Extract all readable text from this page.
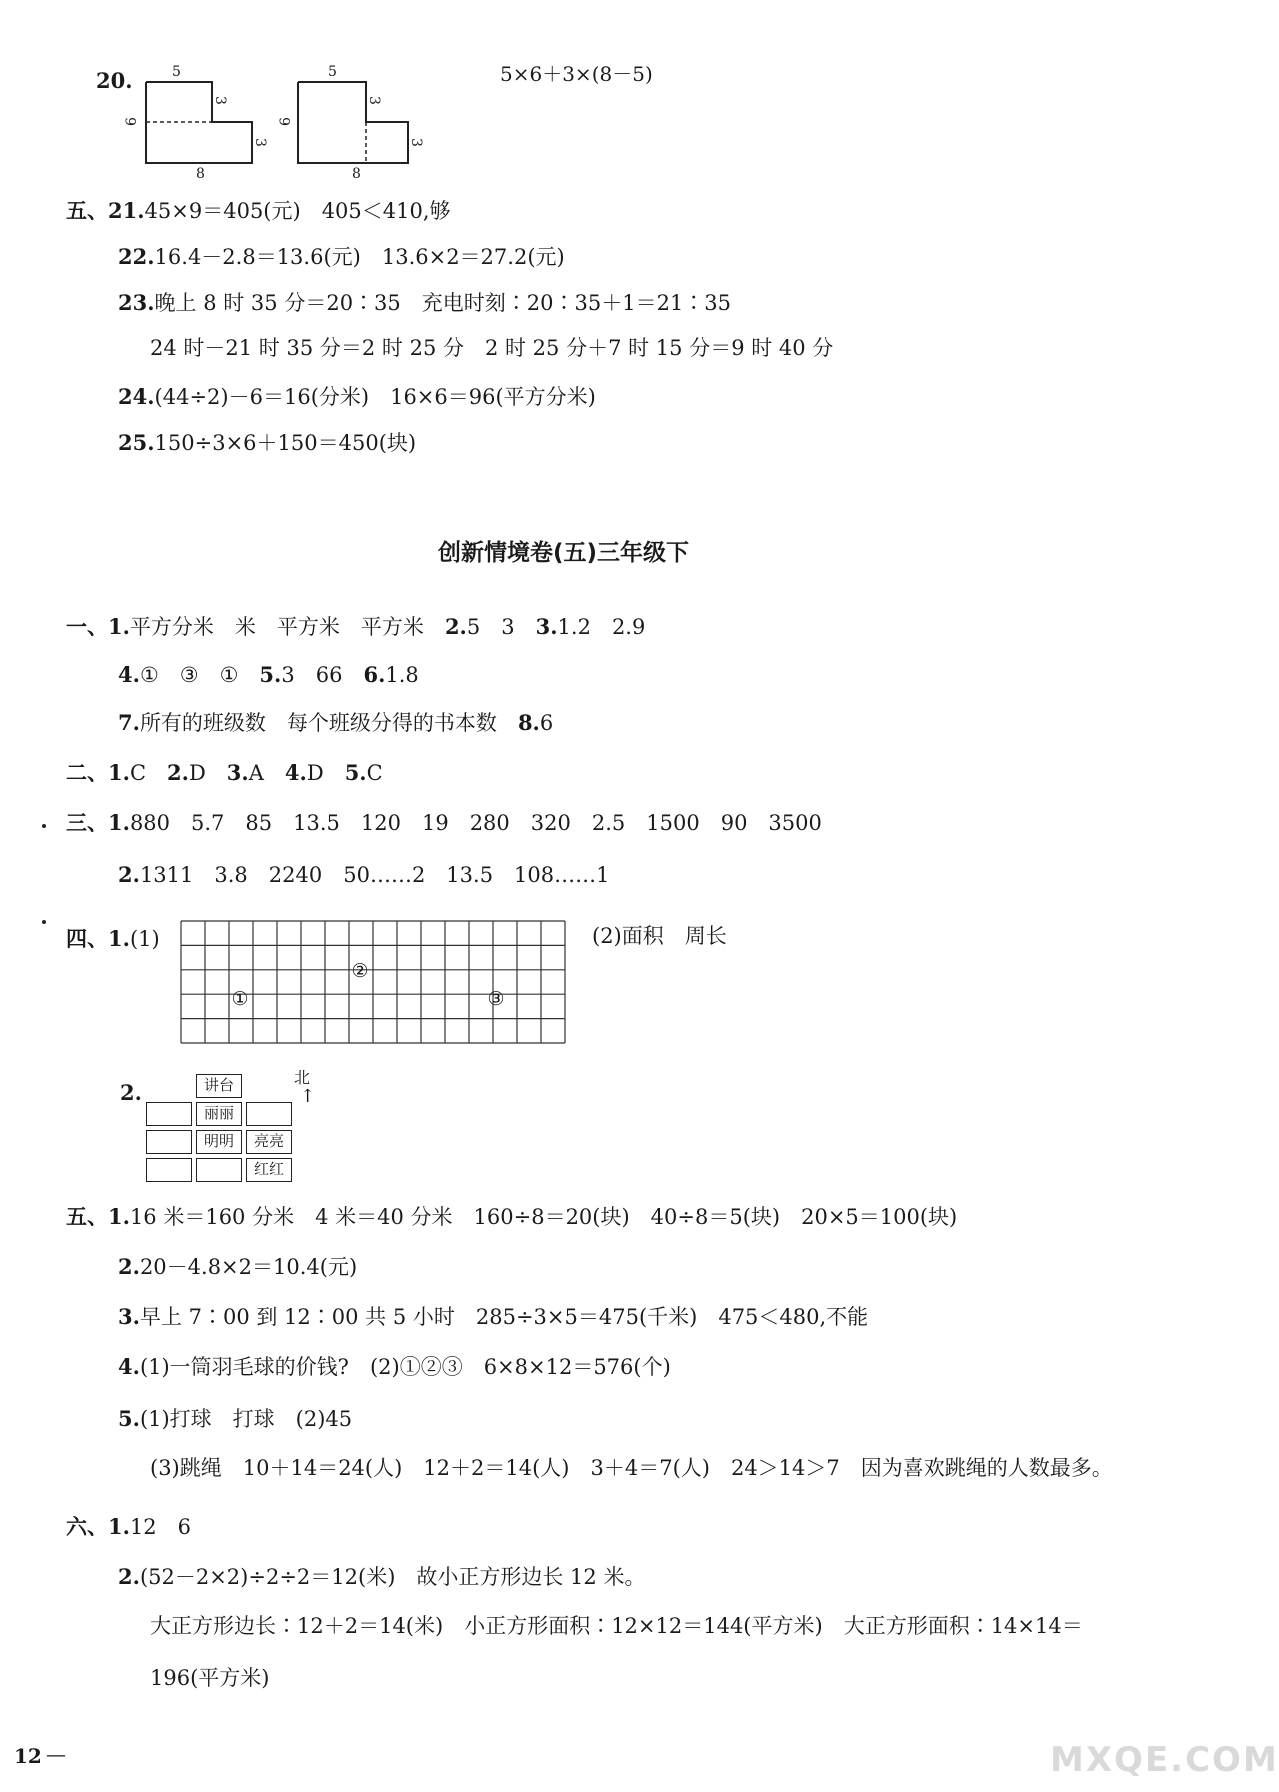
20.	5
3
6
3
8
5
3
6
3
8
5×6＋3×(8－5)
五、21.45×9＝405(元)　405＜410,够
22.16.4－2.8＝13.6(元)　13.6×2＝27.2(元)
23.晚上 8 时 35 分＝20∶35　充电时刻∶20∶35＋1＝21∶35
24 时－21 时 35 分＝2 时 25 分　2 时 25 分＋7 时 15 分＝9 时 40 分
24.(44÷2)－6＝16(分米)　16×6＝96(平方分米)
25.150÷3×6＋150＝450(块)
创新情境卷(五)三年级下
一、1.平方分米　米　平方米　平方米　 2.5　3　 3.1.2　2.9
4.①　③　①　 5.3　66　 6.1.8
7.所有的班级数　每个班级分得的书本数　 8.6
二、1.C　 2.D　 3.A　 4.D　 5.C
三、1.880　5.7　85　13.5　120　19　280　320　2.5　1500　90　3500
2.1311　3.8　2240　50……2　13.5　108……1
四、1.(1)
①
②
③
(2)面积　周长
2.	讲台
丽丽
明明	亮亮
红红
北
↑
五、1.16 米＝160 分米　4 米＝40 分米　160÷8＝20(块)　40÷8＝5(块)　20×5＝100(块)
2.20－4.8×2＝10.4(元)
3.早上 7∶00 到 12∶00 共 5 小时　285÷3×5＝475(千米)　475＜480,不能
4.(1)一筒羽毛球的价钱?　(2)①②③　6×8×12＝576(个)
5.(1)打球　打球　(2)45
(3)跳绳　10＋14＝24(人)　12＋2＝14(人)　3＋4＝7(人)　24＞14＞7　因为喜欢跳绳的人数最多。
六、1.12　6
2.(52－2×2)÷2÷2＝12(米)　故小正方形边长 12 米。
大正方形边长∶12＋2＝14(米)　小正方形面积∶12×12＝144(平方米)　大正方形面积∶14×14＝
196(平方米)
12 —	MXQE.COM
